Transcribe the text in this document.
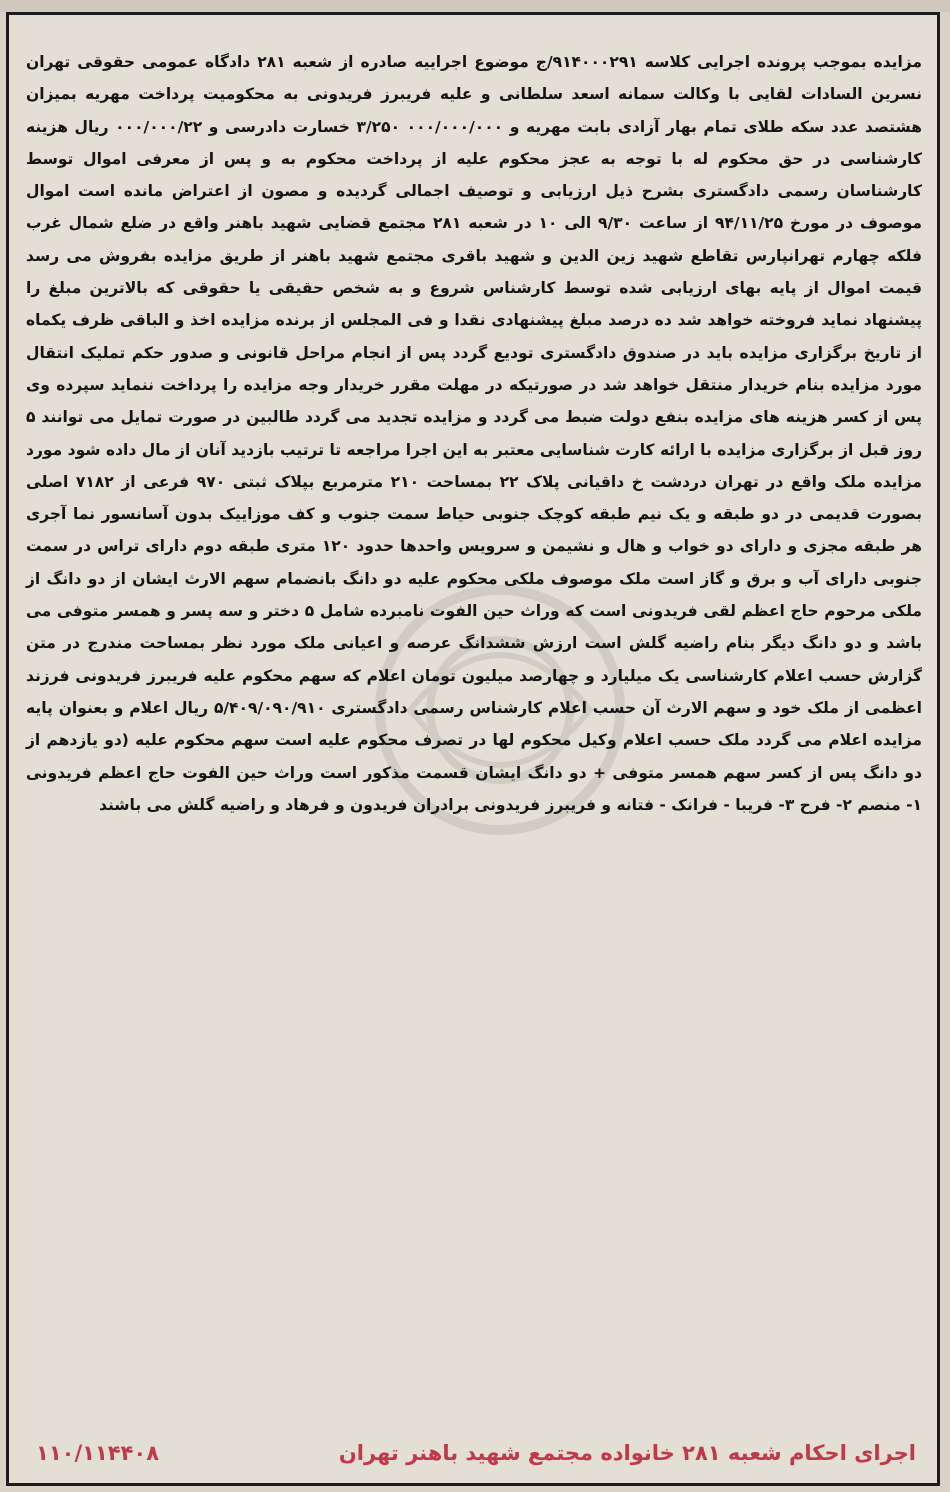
مزایده بموجب پرونده اجرایی کلاسه ۹۱۴۰۰۰۲۹۱/ج موضوع اجراییه صادره از شعبه ۲۸۱ دادگاه عمومی حقوقی تهران نسرین السادات لقایی با وکالت سمانه اسعد سلطانی و علیه فریبرز فریدونی به محکومیت پرداخت مهریه بمیزان هشتصد عدد سکه طلای تمام بهار آزادی بابت مهریه و ۰۰۰/۰۰۰/۰۰۰ ۳/۲۵۰ خسارت دادرسی و ۰۰۰/۰۰۰/۲۲ ریال هزینه کارشناسی در حق محکوم له با توجه به عجز محکوم علیه از پرداخت محکوم به و پس از معرفی اموال توسط کارشناسان رسمی دادگستری بشرح ذیل ارزیابی و توصیف اجمالی گردیده و مصون از اعتراض مانده است اموال موصوف در مورخ ۹۴/۱۱/۲۵ از ساعت ۹/۳۰ الی ۱۰ در شعبه ۲۸۱ مجتمع قضایی شهید باهنر واقع در ضلع شمال غرب فلکه چهارم تهرانپارس تقاطع شهید زین الدین و شهید باقری مجتمع شهید باهنر از طریق مزایده بفروش می رسد قیمت اموال از پایه بهای ارزیابی شده توسط کارشناس شروع و به شخص حقیقی یا حقوقی که بالاترین مبلغ را پیشنهاد نماید فروخته خواهد شد ده درصد مبلغ پیشنهادی نقدا و فی المجلس از برنده مزایده اخذ و الباقی ظرف یکماه از تاریخ برگزاری مزایده باید در صندوق دادگستری تودیع گردد پس از انجام مراحل قانونی و صدور حکم تملیک انتقال مورد مزایده بنام خریدار منتقل خواهد شد در صورتیکه در مهلت مقرر خریدار وجه مزایده را پرداخت ننماید سپرده وی پس از کسر هزینه های مزایده بنفع دولت ضبط می گردد و مزایده تجدید می گردد طالبین در صورت تمایل می توانند ۵ روز قبل از برگزاری مزایده با ارائه کارت شناسایی معتبر به این اجرا مراجعه تا ترتیب بازدید آنان از مال داده شود مورد مزایده ملک واقع در تهران دردشت خ داقیانی پلاک ۲۲ بمساحت ۲۱۰ مترمربع بپلاک ثبتی ۹۷۰ فرعی از ۷۱۸۲ اصلی بصورت قدیمی در دو طبقه و یک نیم طبقه کوچک جنوبی حیاط سمت جنوب و کف موزاییک بدون آسانسور نما آجری هر طبقه مجزی و دارای دو خواب و هال و نشیمن و سرویس واحدها حدود ۱۲۰ متری طبقه دوم دارای تراس در سمت جنوبی دارای آب و برق و گاز است ملک موصوف ملکی محکوم علیه دو دانگ بانضمام سهم الارث ایشان از دو دانگ از ملکی مرحوم حاج اعظم لقی فریدونی است که وراث حین الفوت نامبرده شامل ۵ دختر و سه پسر و همسر متوفی می باشد و دو دانگ دیگر بنام راضیه گلش است ارزش ششدانگ عرصه و اعیانی ملک مورد نظر بمساحت مندرج در متن گزارش حسب اعلام کارشناسی یک میلیارد و چهارصد میلیون تومان اعلام که سهم محکوم علیه فریبرز فریدونی فرزند اعظمی از ملک خود و سهم الارث آن حسب اعلام کارشناس رسمی دادگستری ۵/۴۰۹/۰۹۰/۹۱۰ ریال اعلام و بعنوان پایه مزایده اعلام می گردد ملک حسب اعلام وکیل محکوم لها در تصرف محکوم علیه است سهم محکوم علیه (دو یازدهم از دو دانگ پس از کسر سهم همسر متوفی + دو دانگ ایشان قسمت مذکور است وراث حین الفوت حاج اعظم فریدونی ۱- منصم ۲- فرح ۳- فریبا - فرانک - فتانه و فریبرز فریدونی برادران فریدون و فرهاد و راضیه گلش می باشند

اجرای احکام شعبه ۲۸۱ خانواده مجتمع شهید باهنر تهران
۱۱۰/۱۱۴۴۰۸
